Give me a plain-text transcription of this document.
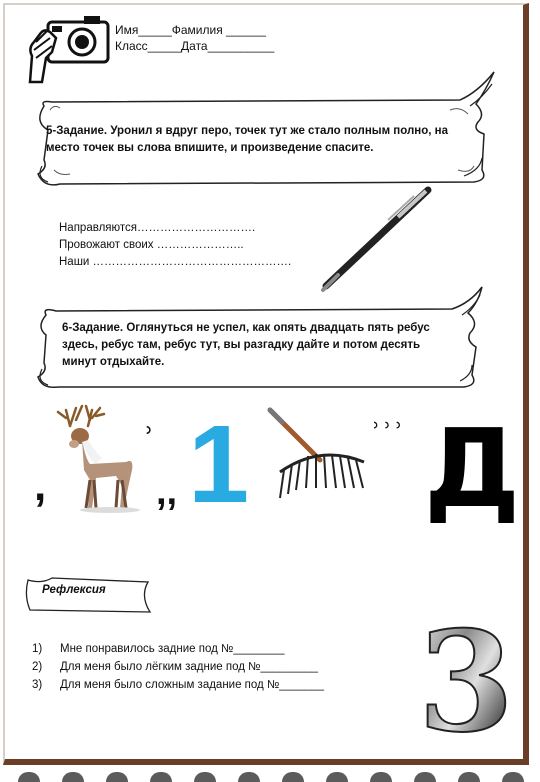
Имя_____Фамилия ______
Класс_____Дата__________
5-Задание. Уронил я вдруг перо, точек тут же стало полным полно, на
место точек вы слова впишите, и произведение спасите.
Направляются………………………….
Провожают своих …………………..
Наши …………………………………………….
6-Задание. Оглянуться не успел, как опять двадцать пять ребус
здесь, ребус там, ребус тут, вы разгадку дайте и потом десять
минут отдыхайте.
,
˒
,, 1	˒˒˒ Д
Рефлексия
1) Мне понравилось задние под №________
2) Для меня было лёгким задние под №_________
3) Для меня было сложным задание под №_______ 3
